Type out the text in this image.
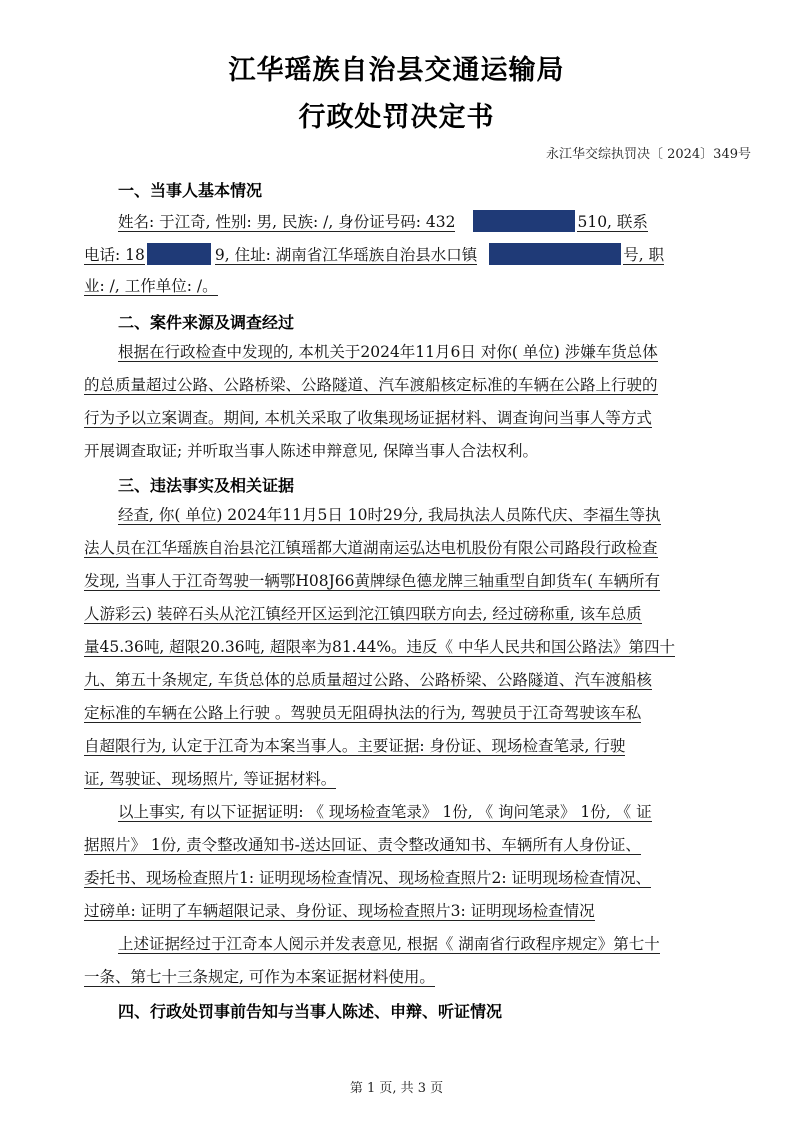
江华瑶族自治县交通运输局
行政处罚决定书
永江华交综执罚决〔 2024〕349号
一、当事人基本情况
姓名: 于江奇, 性别: 男, 民族: /, 身份证号码: 432	510, 联系
电话: 18	9, 住址: 湖南省江华瑶族自治县水口镇	号, 职
业: /, 工作单位: /。
二、案件来源及调查经过
根据在行政检查中发现的, 本机关于2024年11月6日 对你( 单位) 涉嫌车货总体
的总质量超过公路、公路桥梁、公路隧道、汽车渡船核定标准的车辆在公路上行驶的
行为予以立案调查。期间, 本机关采取了收集现场证据材料、调查询问当事人等方式
开展调查取证; 并听取当事人陈述申辩意见, 保障当事人合法权利。
三、违法事实及相关证据
经查, 你( 单位) 2024年11月5日 10时29分, 我局执法人员陈代庆、李福生等执
法人员在江华瑶族自治县沱江镇瑶都大道湖南运弘达电机股份有限公司路段行政检查
发现, 当事人于江奇驾驶一辆鄂H08J66黄牌绿色德龙牌三轴重型自卸货车( 车辆所有
人游彩云) 装碎石头从沱江镇经开区运到沱江镇四联方向去, 经过磅称重, 该车总质
量45.36吨, 超限20.36吨, 超限率为81.44%。违反《 中华人民共和国公路法》第四十
九、第五十条规定, 车货总体的总质量超过公路、公路桥梁、公路隧道、汽车渡船核
定标准的车辆在公路上行驶 。驾驶员无阻碍执法的行为, 驾驶员于江奇驾驶该车私
自超限行为, 认定于江奇为本案当事人。主要证据: 身份证、现场检查笔录, 行驶
证, 驾驶证、现场照片, 等证据材料。
以上事实, 有以下证据证明: 《 现场检查笔录》 1份, 《 询问笔录》 1份, 《 证
据照片》 1份, 责令整改通知书-送达回证、责令整改通知书、车辆所有人身份证、
委托书、现场检查照片1: 证明现场检查情况、现场检查照片2: 证明现场检查情况、
过磅单: 证明了车辆超限记录、身份证、现场检查照片3: 证明现场检查情况
上述证据经过于江奇本人阅示并发表意见, 根据《 湖南省行政程序规定》第七十
一条、第七十三条规定, 可作为本案证据材料使用。
四、行政处罚事前告知与当事人陈述、申辩、听证情况
第 1 页, 共 3 页
